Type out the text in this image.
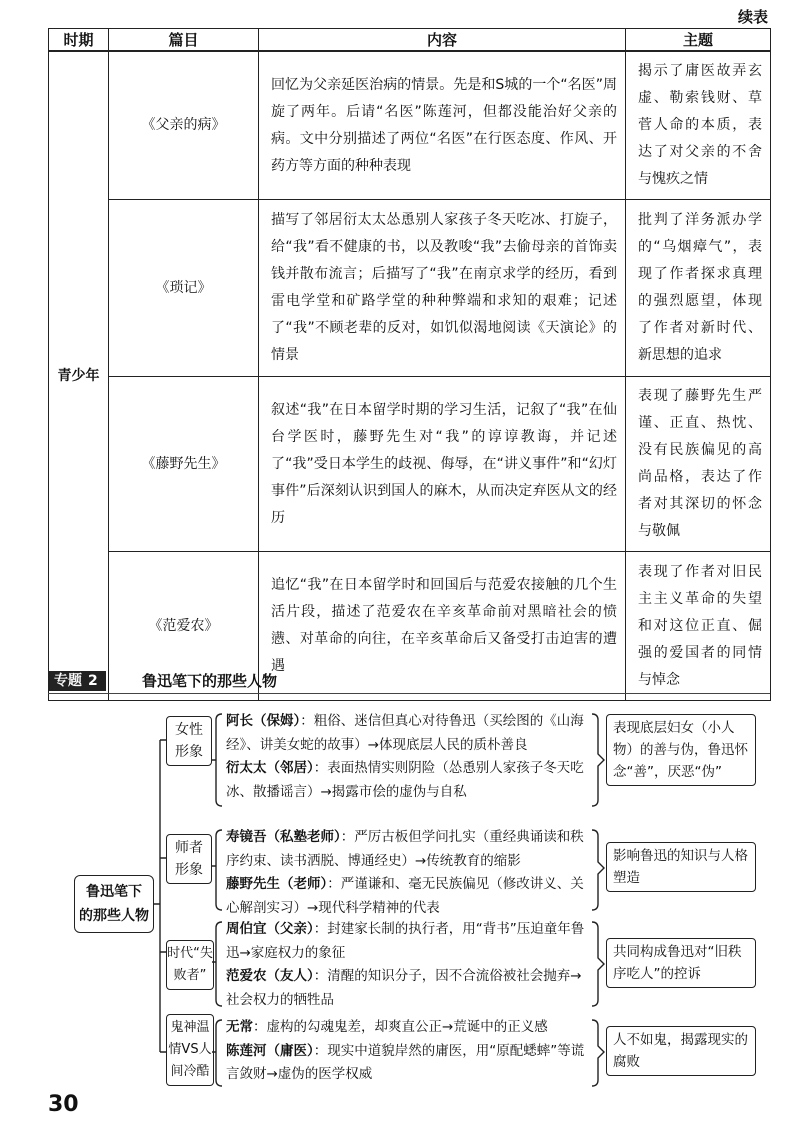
续表
时期	篇目	内容	主题
青少年	《父亲的病》	回忆为父亲延医治病的情景。先是和S城的一个“名医”周旋了两年。后请“名医”陈莲河，但都没能治好父亲的病。文中分别描述了两位“名医”在行医态度、作风、开药方等方面的种种表现	揭示了庸医故弄玄虚、勒索钱财、草菅人命的本质，表达了对父亲的不舍与愧疚之情
	《琐记》	描写了邻居衍太太怂恿别人家孩子冬天吃冰、打旋子，给“我”看不健康的书，以及教唆“我”去偷母亲的首饰卖钱并散布流言；后描写了“我”在南京求学的经历，看到雷电学堂和矿路学堂的种种弊端和求知的艰难；记述了“我”不顾老辈的反对，如饥似渴地阅读《天演论》的情景	批判了洋务派办学的“乌烟瘴气”，表现了作者探求真理的强烈愿望，体现了作者对新时代、新思想的追求
	《藤野先生》	叙述“我”在日本留学时期的学习生活，记叙了“我”在仙台学医时，藤野先生对“我”的谆谆教诲，并记述了“我”受日本学生的歧视、侮辱，在“讲义事件”和“幻灯事件”后深刻认识到国人的麻木，从而决定弃医从文的经历	表现了藤野先生严谨、正直、热忱、没有民族偏见的高尚品格，表达了作者对其深切的怀念与敬佩
	《范爱农》	追忆“我”在日本留学时和回国后与范爱农接触的几个生活片段，描述了范爱农在辛亥革命前对黑暗社会的愤懑、对革命的向往，在辛亥革命后又备受打击迫害的遭遇	表现了作者对旧民主主义革命的失望和对这位正直、倔强的爱国者的同情与悼念
专题 2	鲁迅笔下的那些人物
鲁迅笔下
的那些人物
女性
形象
阿长（保姆）：粗俗、迷信但真心对待鲁迅（买绘图的《山海经》、讲美女蛇的故事）→体现底层人民的质朴善良
衍太太（邻居）：表面热情实则阴险（怂恿别人家孩子冬天吃冰、散播谣言）→揭露市侩的虚伪与自私
表现底层妇女（小人物）的善与伪，鲁迅怀念“善”，厌恶“伪”
师者
形象
寿镜吾（私塾老师）：严厉古板但学问扎实（重经典诵读和秩序约束、读书洒脱、博通经史）→传统教育的缩影
藤野先生（老师）：严谨谦和、毫无民族偏见（修改讲义、关心解剖实习）→现代科学精神的代表
影响鲁迅的知识与人格塑造
时代“失
败者”
周伯宜（父亲）：封建家长制的执行者，用“背书”压迫童年鲁迅→家庭权力的象征
范爱农（友人）：清醒的知识分子，因不合流俗被社会抛弃→社会权力的牺牲品
共同构成鲁迅对“旧秩序吃人”的控诉
鬼神温
情VS人
间冷酷
无常：虚构的勾魂鬼差，却爽直公正→荒诞中的正义感
陈莲河（庸医）：现实中道貌岸然的庸医，用“原配蟋蟀”等谎言敛财→虚伪的医学权威
人不如鬼，揭露现实的腐败
30
